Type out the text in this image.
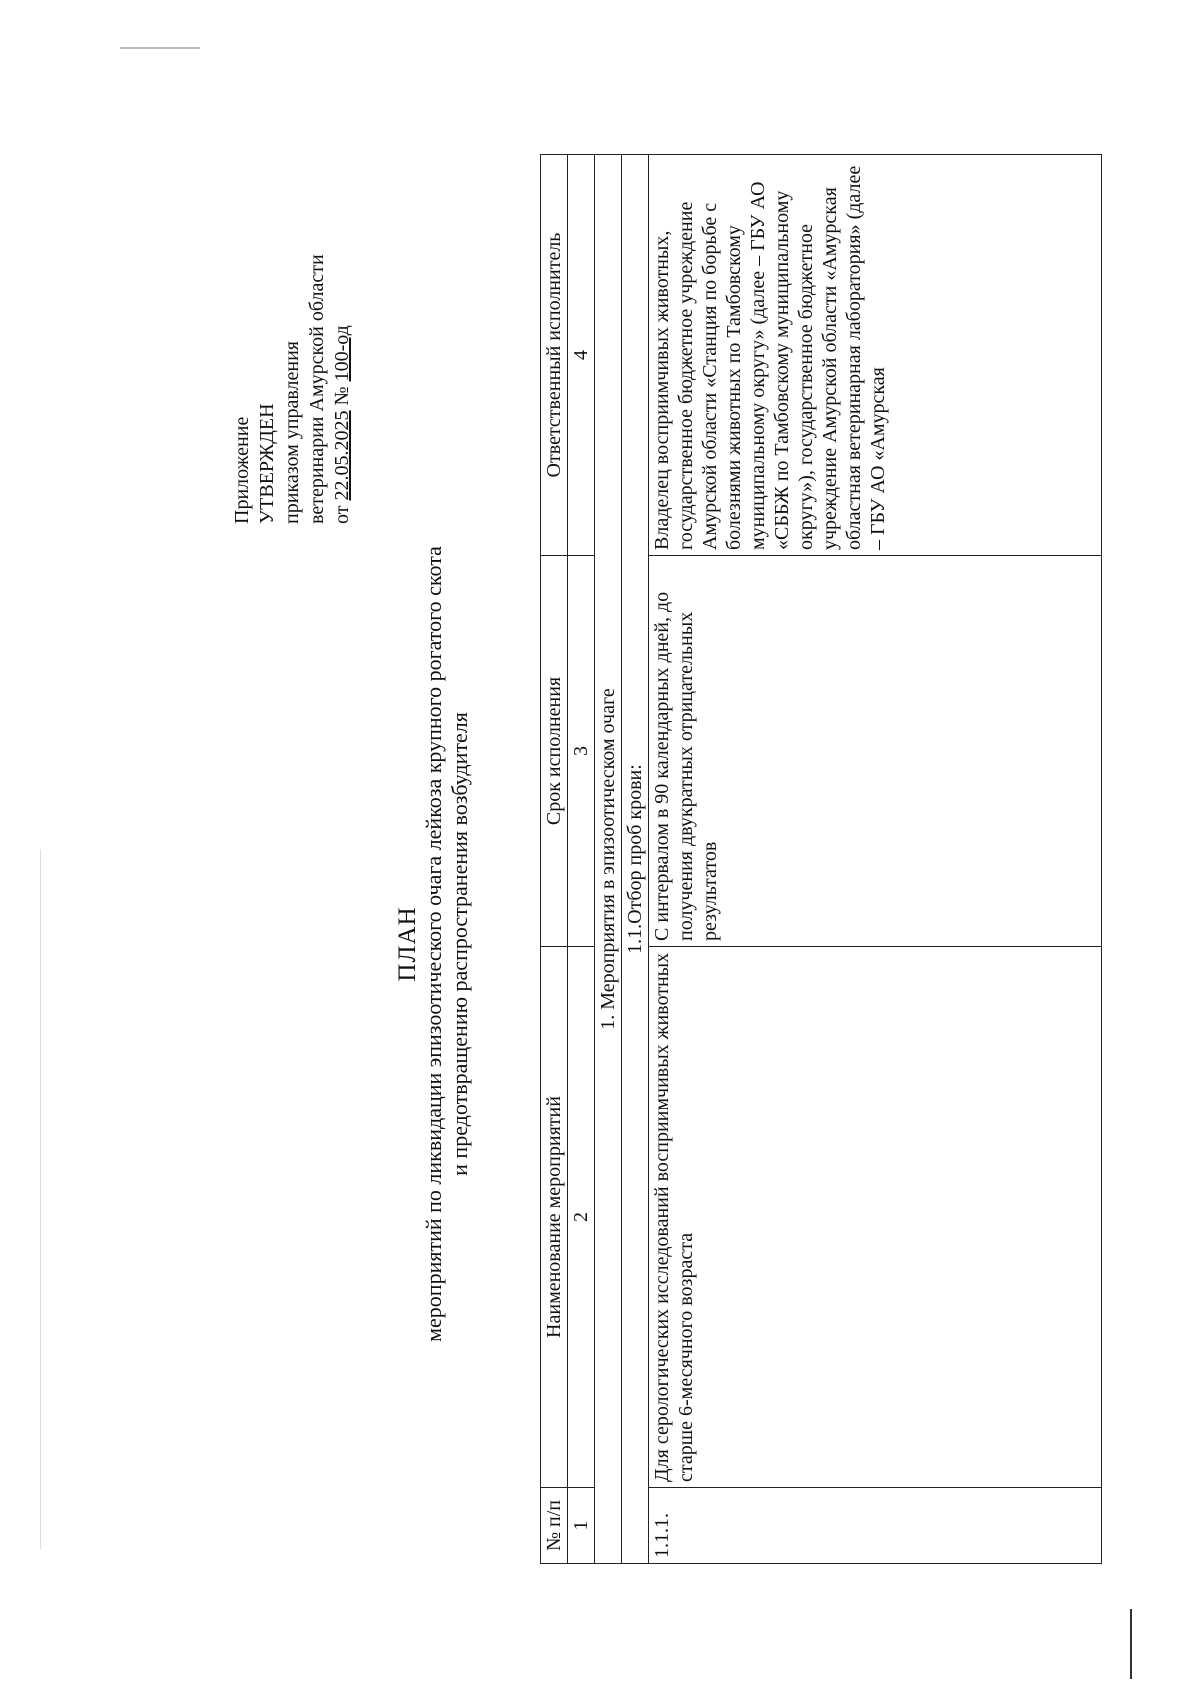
Приложение УТВЕРЖДЕН приказом управления ветеринарии Амурской области от 22.05.2025 № 100-од
ПЛАН мероприятий по ликвидации эпизоотического очага лейкоза крупного рогатого скота и предотвращению распространения возбудителя
№ п/п	Наименование мероприятий	Срок исполнения	Ответственный исполнитель
1	2	3	4
1. Мероприятия в эпизоотическом очаге			
1.1.Отбор проб крови:			
1.1.1.	Для серологических исследований восприимчивых животных старше 6-месячного возраста	С интервалом в 90 календарных дней, до получения двукратных отрицательных результатов	Владелец восприимчивых животных, государственное бюджетное учреждение Амурской области «Станция по борьбе с болезнями животных по Тамбовскому муниципальному округу» (далее – ГБУ АО «СББЖ по Тамбовскому муниципальному округу»), государственное бюджетное учреждение Амурской области «Амурская областная ветеринарная лаборатория» (далее – ГБУ АО «Амурская
